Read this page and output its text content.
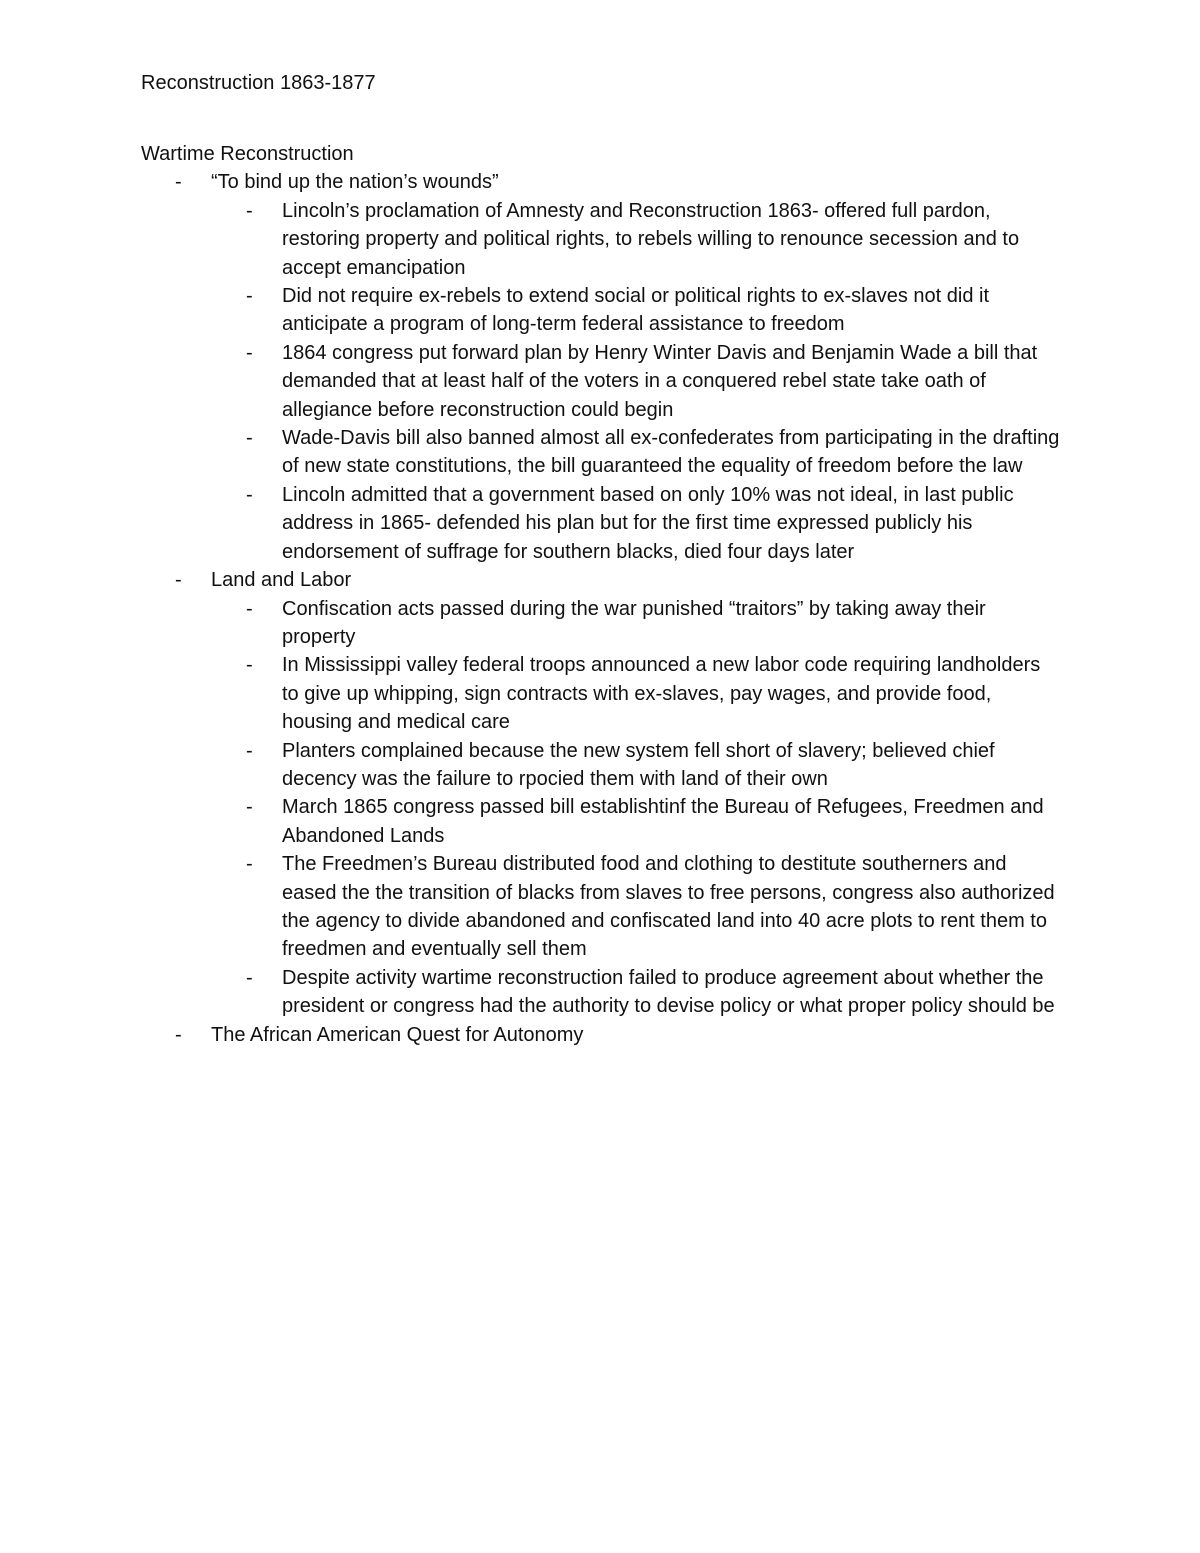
Reconstruction 1863-1877
Wartime Reconstruction
- “To bind up the nation’s wounds”
- Lincoln’s proclamation of Amnesty and Reconstruction 1863- offered full pardon, restoring property and political rights, to rebels willing to renounce secession and to accept emancipation
- Did not require ex-rebels to extend social or political rights to ex-slaves not did it anticipate a program of long-term federal assistance to freedom
- 1864 congress put forward plan by Henry Winter Davis and Benjamin Wade a bill that demanded that at least half of the voters in a conquered rebel state take oath of allegiance before reconstruction could begin
- Wade-Davis bill also banned almost all ex-confederates from participating in the drafting of new state constitutions, the bill guaranteed the equality of freedom before the law
- Lincoln admitted that a government based on only 10% was not ideal, in last public address in 1865- defended his plan but for the first time expressed publicly his endorsement of suffrage for southern blacks, died four days later
- Land and Labor
- Confiscation acts passed during the war punished “traitors” by taking away their property
- In Mississippi valley federal troops announced a new labor code requiring landholders to give up whipping, sign contracts with ex-slaves, pay wages, and provide food, housing and medical care
- Planters complained because the new system fell short of slavery; believed chief decency was the failure to rpocied them with land of their own
- March 1865 congress passed bill establishtinf the Bureau of Refugees, Freedmen and Abandoned Lands
- The Freedmen’s Bureau distributed food and clothing to destitute southerners and eased the the transition of blacks from slaves to free persons, congress also authorized the agency to divide abandoned and confiscated land into 40 acre plots to rent them to freedmen and eventually sell them
- Despite activity wartime reconstruction failed to produce agreement about whether the president or congress had the authority to devise policy or what proper policy should be
- The African American Quest for Autonomy
